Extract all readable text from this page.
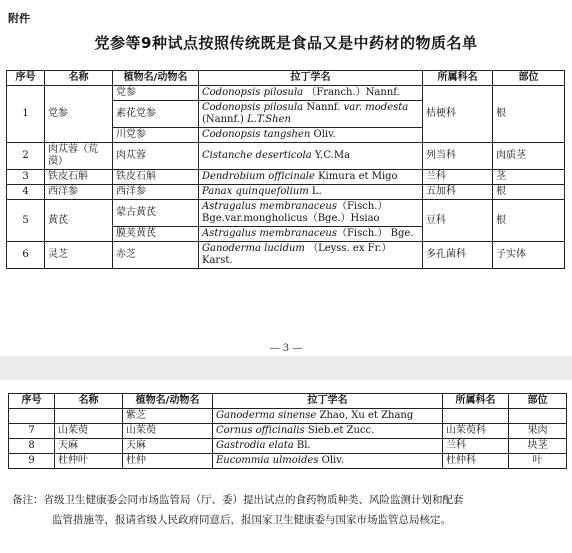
附件
党参等9种试点按照传统既是食品又是中药材的物质名单
序号	名称	植物名/动物名	拉丁学名	所属科名	部位
1	党参	党参	Codonopsis pilosula （Franch.）Nannf.	桔梗科	根
		素花党参	Codonopsis pilosula Nannf. var. modesta (Nannf.) L.T.Shen		
		川党参	Codonopsis tangshen Oliv.		
2	肉苁蓉（荒漠）	肉苁蓉	Cistanche deserticola Y.C.Ma	列当科	肉质茎
3	铁皮石斛	铁皮石斛	Dendrobium officinale Kimura et Migo	兰科	茎
4	西洋参	西洋参	Panax quinquefolium L.	五加科	根
5	黄芪	蒙古黄芪	Astragalus membranaceus（Fisch.） Bge.var.mongholicus（Bge.）Hsiao	豆科	根
		膜荚黄芪	Astragalus membranaceus（Fisch.） Bge.		
6	灵芝	赤芝	Ganoderma lucidum （Leyss. ex Fr.）Karst.	多孔菌科	子实体
— 3 —
序号	名称	植物名/动物名	拉丁学名	所属科名	部位
		紫芝	Ganoderma sinense Zhao, Xu et Zhang		
7	山茱萸	山茱萸	Cornus officinalis Sieb.et Zucc.	山茱萸科	果肉
8	天麻	天麻	Gastrodia elata Bl.	兰科	块茎
9	杜仲叶	杜仲	Eucommia ulmoides Oliv.	杜仲科	叶
备注：省级卫生健康委会同市场监管局（厅、委）提出试点的食药物质种类、风险监测计划和配套
监管措施等，报请省级人民政府同意后，报国家卫生健康委与国家市场监管总局核定。
